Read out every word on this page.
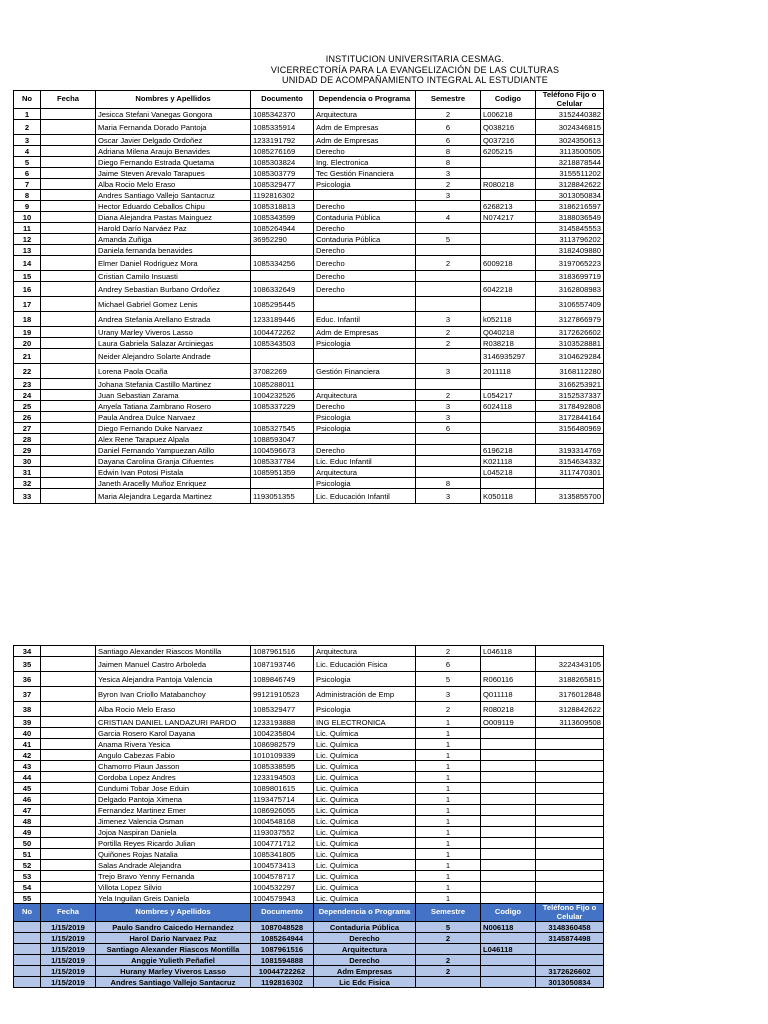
INSTITUCION UNIVERSITARIA CESMAG.
VICERRECTORÍA PARA LA EVANGELIZACIÓN DE LAS CULTURAS
UNIDAD DE ACOMPAÑAMIENTO INTEGRAL AL ESTUDIANTE
No	Fecha	Nombres y Apellidos	Documento	Dependencia o Programa	Semestre	Codigo	Teléfono Fijo o Celular
1		Jesicca Stefani Vanegas Gongora	1085342370	Arquitectura	2	L006218	3152440382
2		Maria Fernanda Dorado Pantoja	1085335914	Adm de Empresas	6	Q038216	3024346815
3		Oscar Javier Delgado Ordoñez	1233191792	Adm de Empresas	6	Q037216	3024350613
4		Adriana Milena Araujo Benavides	1085276169	Derecho	8	6205215	3113500505
5		Diego Fernando Estrada Quetama	1085303824	Ing. Electronica	8		3218878544
6		Jaime Steven Arevalo Tarapues	1085303779	Tec Gestión Financiera	3		3155511202
7		Alba Rocio Melo Eraso	1085329477	Psicologia	2	R080218	3128842622
8		Andres Santiago Vallejo Santacruz	1192816302		3		3013050834
9		Hector Eduardo Ceballos Chipu	1085318813	Derecho		6268213	3186216597
10		Diana Alejandra Pastas Mainguez	1085343599	Contaduria Pública	4	N074217	3188036549
11		Harold Darío Narváez Paz	1085264944	Derecho			3145845553
12		Amanda Zuñiga	36952290	Contaduria Pública	5		3113796202
13		Daniela fernanda benavides		Derecho			3182409880
14		Elmer Daniel Rodriguez Mora	1085334256	Derecho	2	6009218	3197065223
15		Cristian Camilo Insuasti		Derecho			3183699719
16		Andrey Sebastian Burbano Ordoñez	1086332649	Derecho		6042218	3162808983
17		Michael Gabriel Gomez Lenis	1085295445				3106557409
18		Andrea Stefania Arellano Estrada	1233189446	Educ. Infantil	3	k052118	3127866979
19		Urany Marley Viveros Lasso	1004472262	Adm de Empresas	2	Q040218	3172626602
20		Laura Gabriela Salazar Arciniegas	1085343503	Psicologia	2	R038218	3103528881
21		Neider Alejandro Solarte Andrade				3146935297	3104629284
22		Lorena Paola Ocaña	37082269	Gestión Financiera	3	2011118	3168112280
23		Johana Stefania Castillo Martinez	1085288011				3166253921
24		Juan Sebastian Zarama	1004232526	Arquitectura	2	L054217	3152537337
25		Anyela Tatiana Zambrano Rosero	1085337229	Derecho	3	6024118	3178492808
26		Paula Andrea Dulce Narvaez		Psicologia	3		3172844164
27		Diego Fernando Duke Narvaez	1085327545	Psicologia	6		3156480969
28		Alex Rene Tarapuez Alpala	1088593047				
29		Daniel Fernando Yampuezan Atillo	1004596673	Derecho		6196218	3193314769
30		Dayana Carolina Granja Cifuentes	1085337784	Lic. Educ Infantil		K021118	3154634332
31		Edwin Ivan Potosi Pistala	1085951359	Arquitectura		L045218	3117470301
32		Janeth Aracelly Muñoz Enriquez		Psicologia	8		
33		Maria Alejandra Legarda Martinez	1193051355	Lic. Educación Infantil	3	K050118	3135855700
34		Santiago Alexander Riascos Montilla	1087961516	Arquitectura	2	L046118	
35		Jaimen Manuel Castro Arboleda	1087193746	Lic. Educación Fisica	6		3224343105
36		Yesica Alejandra Pantoja Valencia	1089846749	Psicologia	5	R060116	3188265815
37		Byron Ivan Criollo Matabanchoy	99121910523	Administración de Emp	3	Q011118	3176012848
38		Alba Rocio Melo Eraso	1085329477	Psicologia	2	R080218	3128842622
39		CRISTIAN DANIEL LANDAZURI PARDO	1233193888	ING ELECTRONICA	1	O009119	3113609508
40		Garcia Rosero Karol Dayana	1004235804	Lic. Química	1		
41		Anama Rivera Yesica	1086982579	Lic. Química	1		
42		Angulo Cabezas Fabio	1010109339	Lic. Química	1		
43		Chamorro Piaun Jasson	1085338595	Lic. Química	1		
44		Cordoba Lopez Andres	1233194503	Lic. Química	1		
45		Cundumi Tobar Jose Eduin	1089801615	Lic. Química	1		
46		Delgado Pantoja Ximena	1193475714	Lic. Química	1		
47		Fernandez Martinez Emer	1086926055	Lic. Química	1		
48		Jimenez Valencia Osman	1004548168	Lic. Química	1		
49		Jojoa Naspiran Daniela	1193037552	Lic. Química	1		
50		Portilla Reyes Ricardo Julian	1004771712	Lic. Química	1		
51		Quiñones Rojas Natalia	1085341805	Lic. Química	1		
52		Salas Andrade Alejandra	1004573413	Lic. Química	1		
53		Trejo Bravo Yenny Fernanda	1004578717	Lic. Química	1		
54		Villota Lopez Silvio	1004532297	Lic. Química	1		
55		Yela Inguilan Greis Daniela	1004579943	Lic. Química	1		
No	Fecha	Nombres y Apellidos	Documento	Dependencia o Programa	Semestre	Codigo	Teléfono Fijo o Celular
	1/15/2019	Paulo Sandro Caicedo Hernandez	1087048528	Contaduria Pública	5	N006118	3148360458
	1/15/2019	Harol Dario Narvaez Paz	1085264944	Derecho	2		3145874498
	1/15/2019	Santiago Alexander Riascos Montilla	1087961516	Arquitectura		L046118	
	1/15/2019	Anggie Yulieth Peñafiel	1081594888	Derecho	2		
	1/15/2019	Hurany Marley Viveros Lasso	10044722262	Adm Empresas	2		3172626602
	1/15/2019	Andres Santiago Vallejo Santacruz	1192816302	Lic Edc Fisica			3013050834
